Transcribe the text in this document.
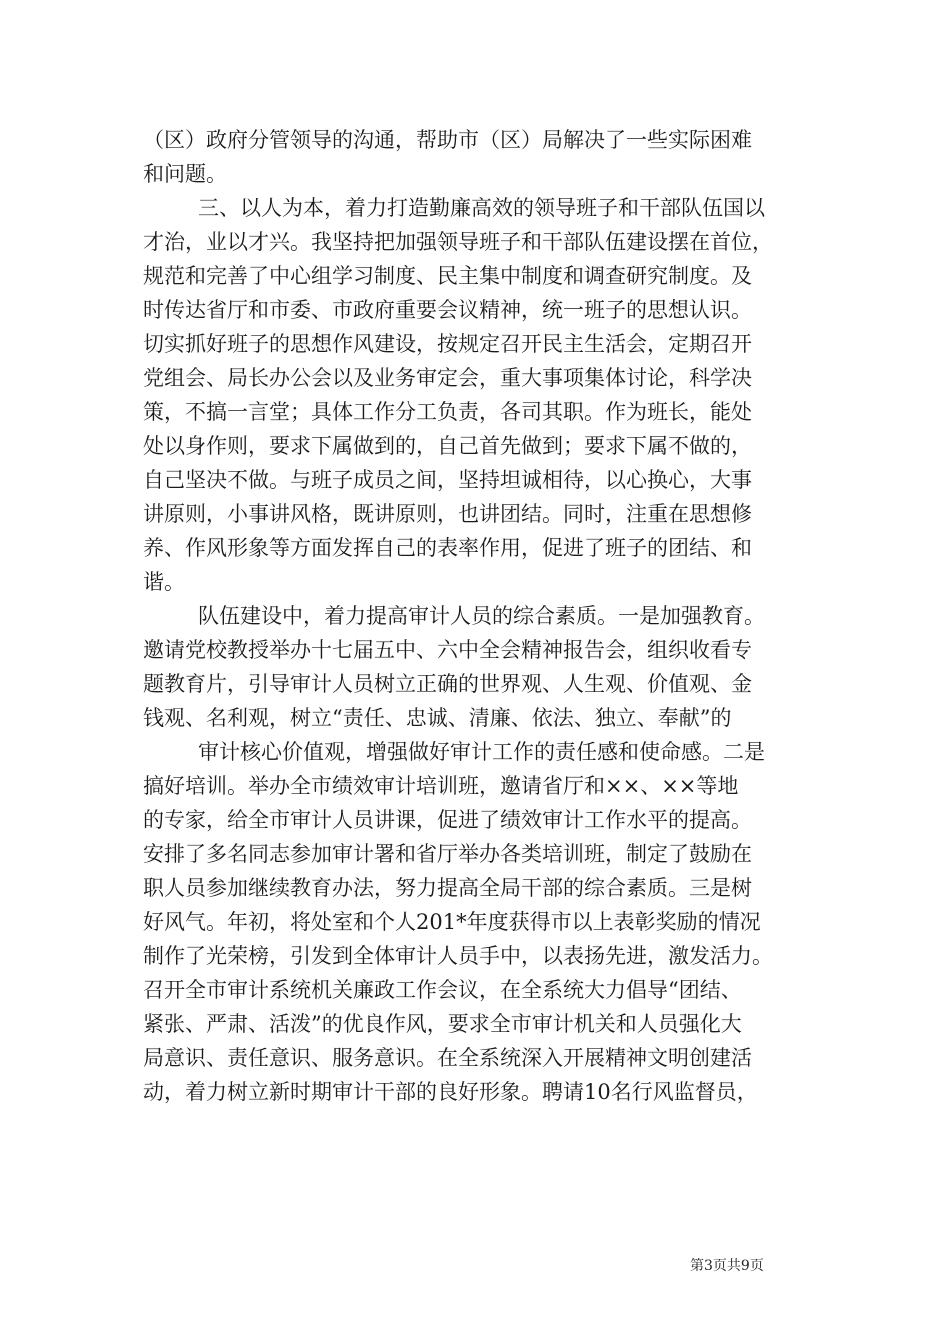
（区）政府分管领导的沟通，帮助市（区）局解决了一些实际困难
和问题。
三、以人为本，着力打造勤廉高效的领导班子和干部队伍国以
才治，业以才兴。我坚持把加强领导班子和干部队伍建设摆在首位，
规范和完善了中心组学习制度、民主集中制度和调查研究制度。及
时传达省厅和市委、市政府重要会议精神，统一班子的思想认识。
切实抓好班子的思想作风建设，按规定召开民主生活会，定期召开
党组会、局长办公会以及业务审定会，重大事项集体讨论，科学决
策，不搞一言堂；具体工作分工负责，各司其职。作为班长，能处
处以身作则，要求下属做到的，自己首先做到；要求下属不做的，
自己坚决不做。与班子成员之间，坚持坦诚相待，以心换心，大事
讲原则，小事讲风格，既讲原则，也讲团结。同时，注重在思想修
养、作风形象等方面发挥自己的表率作用，促进了班子的团结、和
谐。
队伍建设中，着力提高审计人员的综合素质。一是加强教育。
邀请党校教授举办十七届五中、六中全会精神报告会，组织收看专
题教育片，引导审计人员树立正确的世界观、人生观、价值观、金
钱观、名利观，树立“责任、忠诚、清廉、依法、独立、奉献”的
审计核心价值观，增强做好审计工作的责任感和使命感。二是
搞好培训。举办全市绩效审计培训班，邀请省厅和××、××等地
的专家，给全市审计人员讲课，促进了绩效审计工作水平的提高。
安排了多名同志参加审计署和省厅举办各类培训班，制定了鼓励在
职人员参加继续教育办法，努力提高全局干部的综合素质。三是树
好风气。年初，将处室和个人201*年度获得市以上表彰奖励的情况
制作了光荣榜，引发到全体审计人员手中，以表扬先进，激发活力。
召开全市审计系统机关廉政工作会议，在全系统大力倡导“团结、
紧张、严肃、活泼”的优良作风，要求全市审计机关和人员强化大
局意识、责任意识、服务意识。在全系统深入开展精神文明创建活
动，着力树立新时期审计干部的良好形象。聘请10名行风监督员，
第3页共9页
